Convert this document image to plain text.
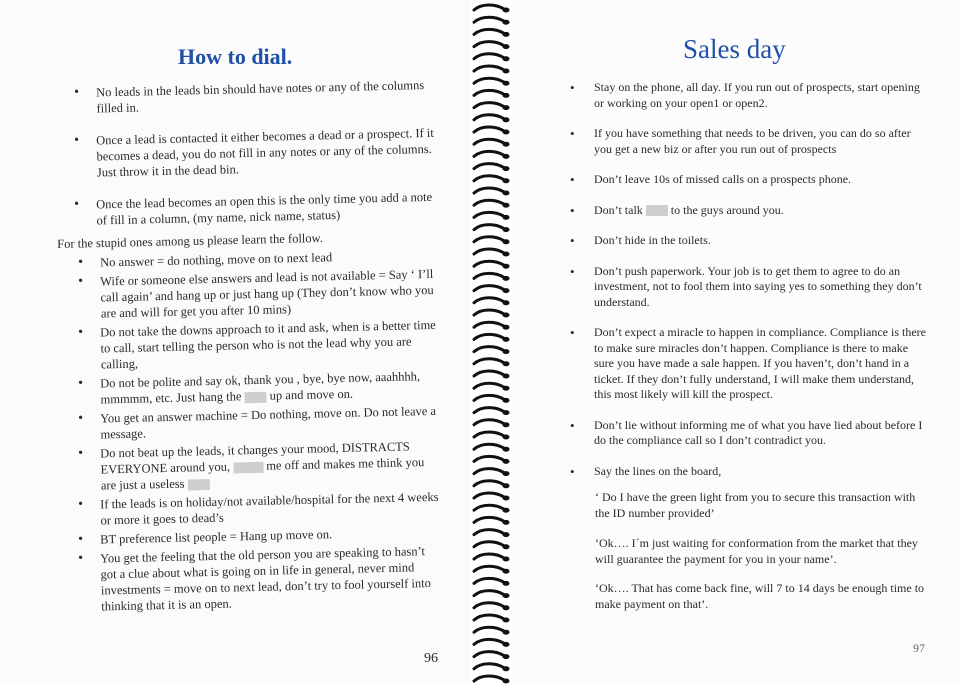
How to dial.
• No leads in the leads bin should have notes or any of the columns filled in.
• Once a lead is contacted it either becomes a dead or a prospect. If it becomes a dead, you do not fill in any notes or any of the columns. Just throw it in the dead bin.
• Once the lead becomes an open this is the only time you add a note of fill in a column, (my name, nick name, status)
For the stupid ones among us please learn the follow.
• No answer = do nothing, move on to next lead
• Wife or someone else answers and lead is not available = Say ‘ I’ll call again’ and hang up or just hang up (They don’t know who you are and will for get you after 10 mins)
• Do not take the downs approach to it and ask, when is a better time to call, start telling the person who is not the lead why you are calling,
• Do not be polite and say ok, thank you , bye, bye now, aaahhhh, mmmmm, etc. Just hang the up and move on.
• You get an answer machine = Do nothing, move on. Do not leave a message.
• Do not beat up the leads, it changes your mood, DISTRACTS EVERYONE around you,	me off and makes me think you are just a useless
• If the leads is on holiday/not available/hospital for the next 4 weeks or more it goes to dead’s
• BT preference list people = Hang up move on.
• You get the feeling that the old person you are speaking to hasn’t got a clue about what is going on in life in general, never mind investments = move on to next lead, don’t try to fool yourself into thinking that it is an open.
96
Sales day
• Stay on the phone, all day. If you run out of prospects, start opening or working on your open1 or open2.
• If you have something that needs to be driven, you can do so after you get a new biz or after you run out of prospects
• Don’t leave 10s of missed calls on a prospects phone.
• Don’t talk to the guys around you.
• Don’t hide in the toilets.
• Don’t push paperwork. Your job is to get them to agree to do an investment, not to fool them into saying yes to something they don’t understand.
• Don’t expect a miracle to happen in compliance. Compliance is there to make sure miracles don’t happen. Compliance is there to make sure you have made a sale happen. If you haven’t, don’t hand in a ticket. If they don’t fully understand, I will make them understand, this most likely will kill the prospect.
• Don’t lie without informing me of what you have lied about before I do the compliance call so I don’t contradict you.
• Say the lines on the board,
‘ Do I have the green light from you to secure this transaction with the ID number provided’
‘Ok…. I´m just waiting for conformation from the market that they will guarantee the payment for you in your name’.
‘Ok…. That has come back fine, will 7 to 14 days be enough time to make payment on that’.
97
